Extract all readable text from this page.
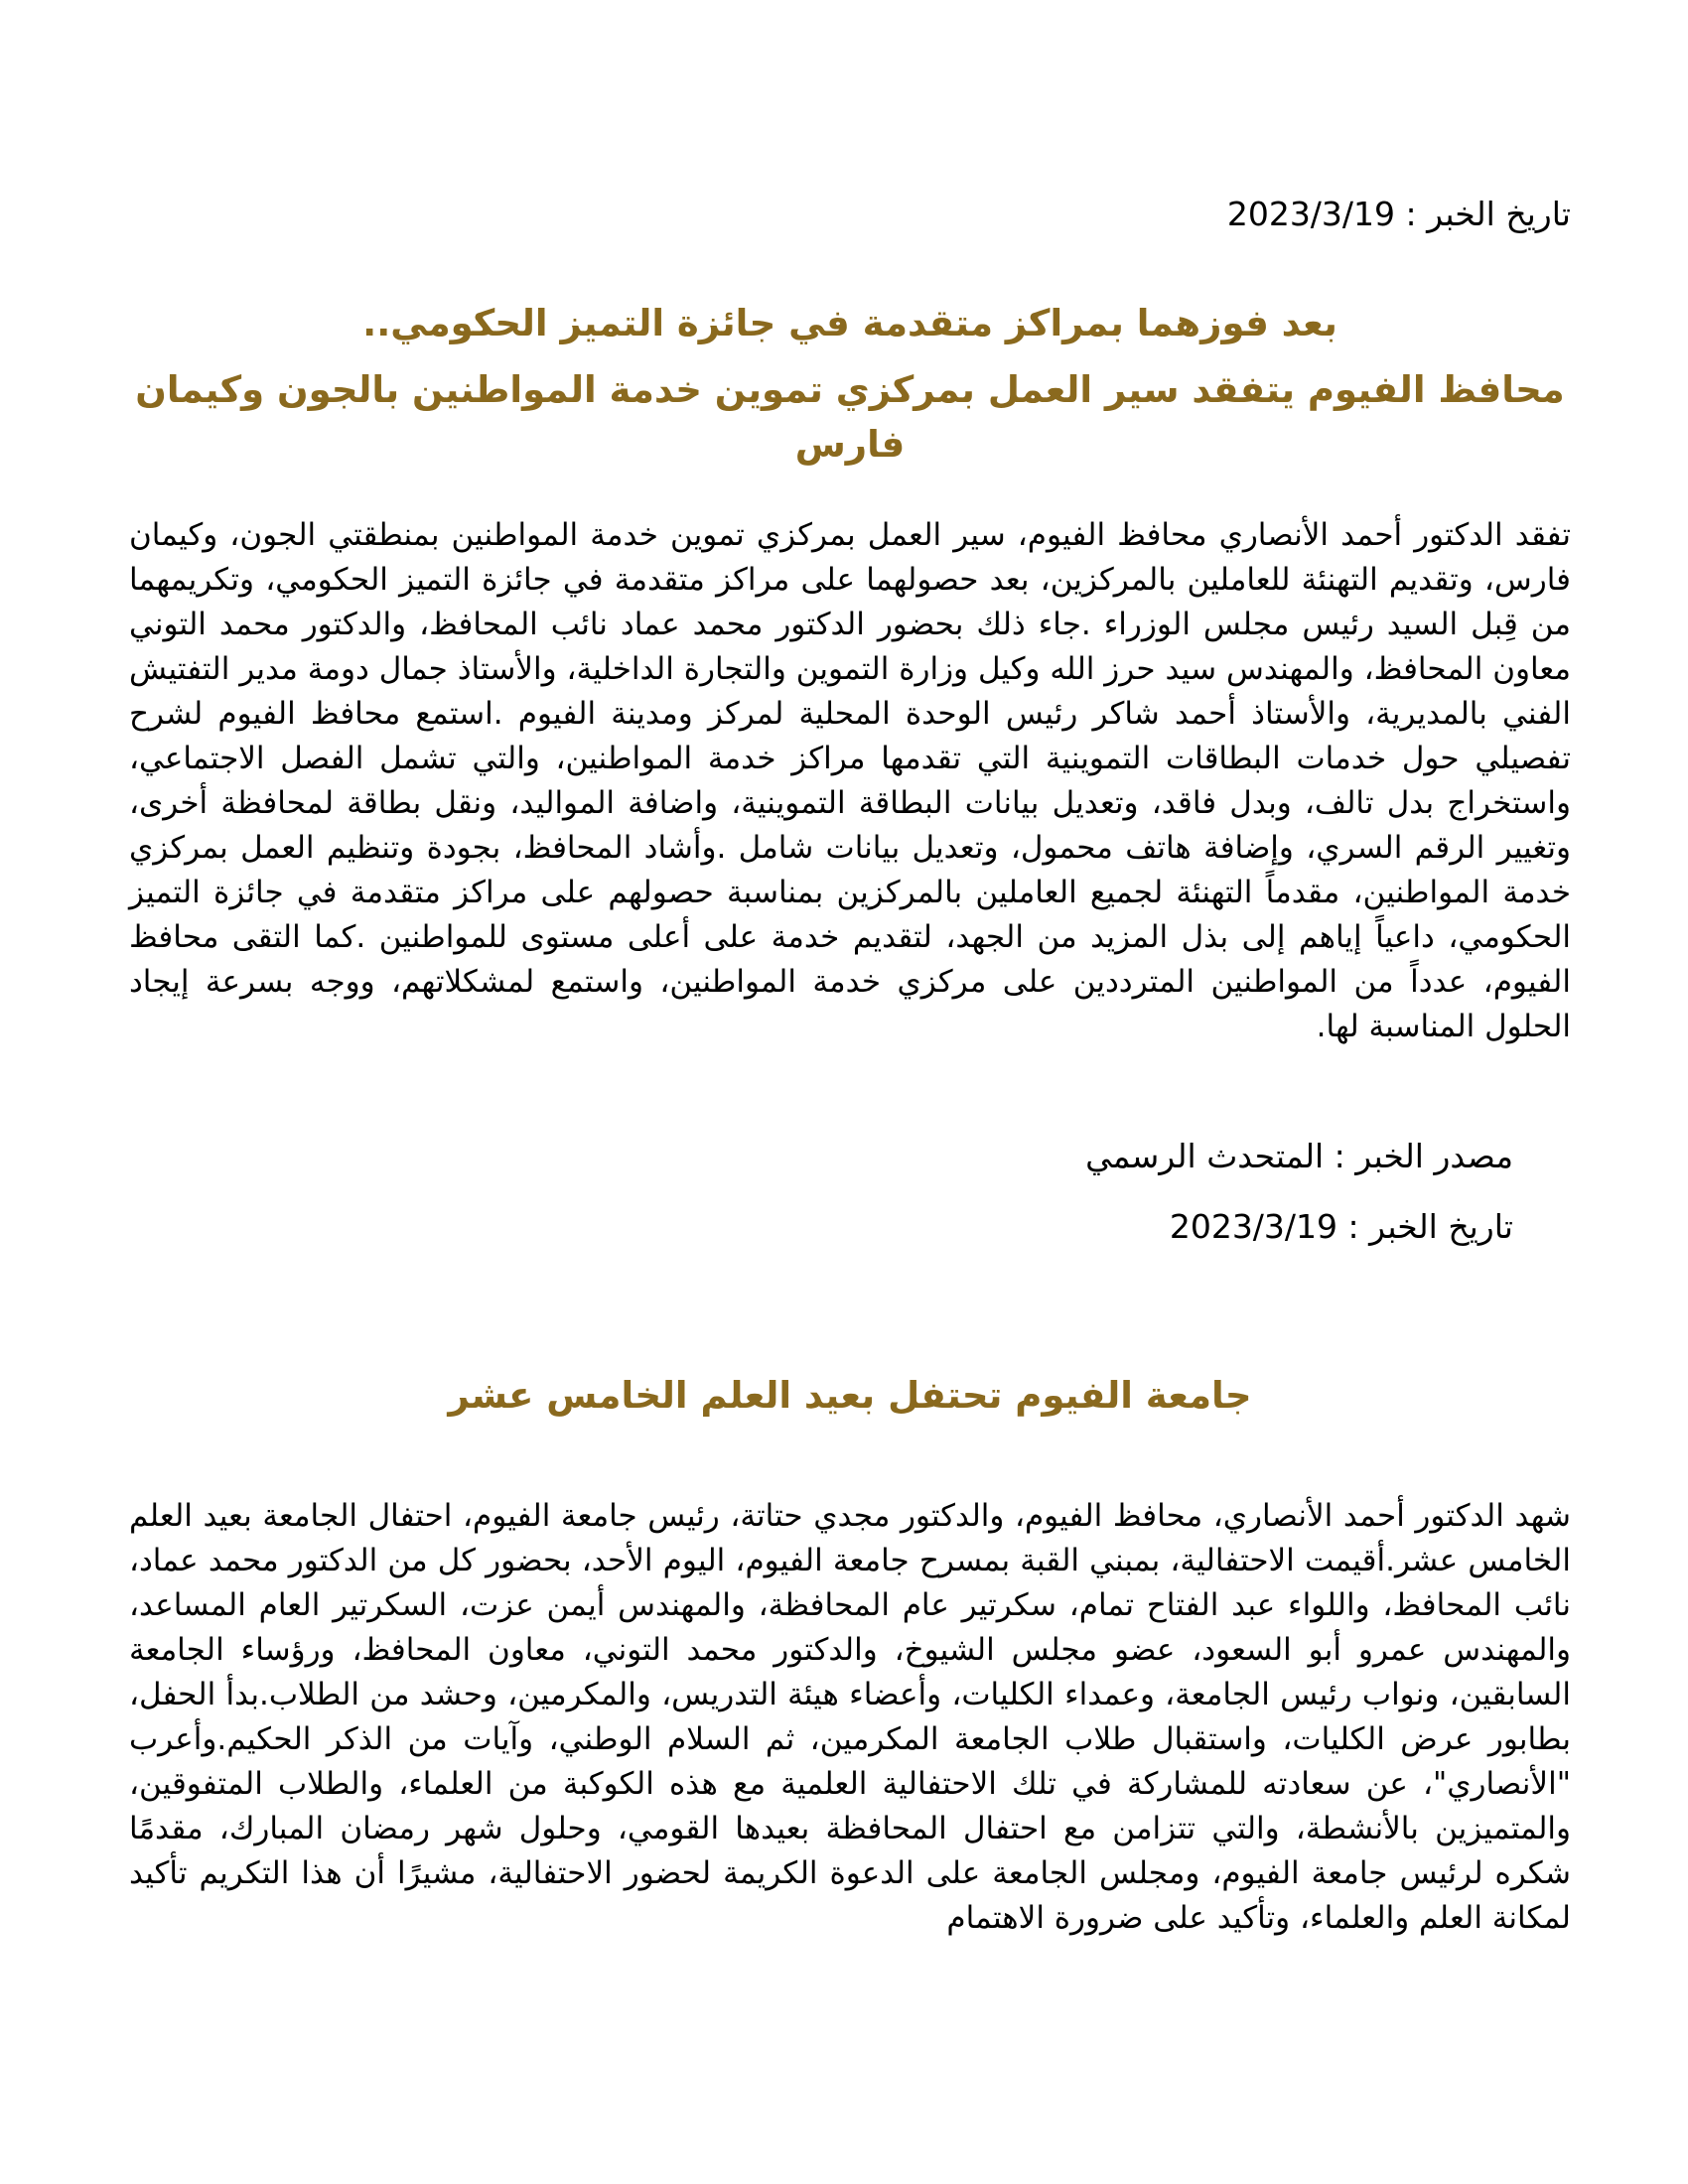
تاريخ الخبر : 2023/3/19
بعد فوزهما بمراكز متقدمة في جائزة التميز الحكومي..
محافظ الفيوم يتفقد سير العمل بمركزي تموين خدمة المواطنين بالجون وكيمان فارس

تفقد الدكتور أحمد الأنصاري محافظ الفيوم، سير العمل بمركزي تموين خدمة المواطنين بمنطقتي الجون، وكيمان فارس، وتقديم التهنئة للعاملين بالمركزين، بعد حصولهما على مراكز متقدمة في جائزة التميز الحكومي، وتكريمهما من قِبل السيد رئيس مجلس الوزراء .جاء ذلك بحضور الدكتور محمد عماد نائب المحافظ، والدكتور محمد التوني معاون المحافظ، والمهندس سيد حرز الله وكيل وزارة التموين والتجارة الداخلية، والأستاذ جمال دومة مدير التفتيش الفني بالمديرية، والأستاذ أحمد شاكر رئيس الوحدة المحلية لمركز ومدينة الفيوم .استمع محافظ الفيوم لشرح تفصيلي حول خدمات البطاقات التموينية التي تقدمها مراكز خدمة المواطنين، والتي تشمل الفصل الاجتماعي، واستخراج بدل تالف، وبدل فاقد، وتعديل بيانات البطاقة التموينية، واضافة المواليد، ونقل بطاقة لمحافظة أخرى، وتغيير الرقم السري، وإضافة هاتف محمول، وتعديل بيانات شامل .وأشاد المحافظ، بجودة وتنظيم العمل بمركزي خدمة المواطنين، مقدماً التهنئة لجميع العاملين بالمركزين بمناسبة حصولهم على مراكز متقدمة في جائزة التميز الحكومي، داعياً إياهم إلى بذل المزيد من الجهد، لتقديم خدمة على أعلى مستوى للمواطنين .كما التقى محافظ الفيوم، عدداً من المواطنين المترددين على مركزي خدمة المواطنين، واستمع لمشكلاتهم، ووجه بسرعة إيجاد الحلول المناسبة لها.

مصدر الخبر : المتحدث الرسمي
تاريخ الخبر : 2023/3/19
جامعة الفيوم تحتفل بعيد العلم الخامس عشر

شهد الدكتور أحمد الأنصاري، محافظ الفيوم، والدكتور مجدي حتاتة، رئيس جامعة الفيوم، احتفال الجامعة بعيد العلم الخامس عشر.أقيمت الاحتفالية، بمبني القبة بمسرح جامعة الفيوم، اليوم الأحد، بحضور كل من الدكتور محمد عماد، نائب المحافظ، واللواء عبد الفتاح تمام، سكرتير عام المحافظة، والمهندس أيمن عزت، السكرتير العام المساعد، والمهندس عمرو أبو السعود، عضو مجلس الشيوخ، والدكتور محمد التوني، معاون المحافظ، ورؤساء الجامعة السابقين، ونواب رئيس الجامعة، وعمداء الكليات، وأعضاء هيئة التدريس، والمكرمين، وحشد من الطلاب.بدأ الحفل، بطابور عرض الكليات، واستقبال طلاب الجامعة المكرمين، ثم السلام الوطني، وآيات من الذكر الحكيم.وأعرب "الأنصاري"، عن سعادته للمشاركة في تلك الاحتفالية العلمية مع هذه الكوكبة من العلماء، والطلاب المتفوقين، والمتميزين بالأنشطة، والتي تتزامن مع احتفال المحافظة بعيدها القومي، وحلول شهر رمضان المبارك، مقدمًا شكره لرئيس جامعة الفيوم، ومجلس الجامعة على الدعوة الكريمة لحضور الاحتفالية، مشيرًا أن هذا التكريم تأكيد لمكانة العلم والعلماء، وتأكيد على ضرورة الاهتمام
